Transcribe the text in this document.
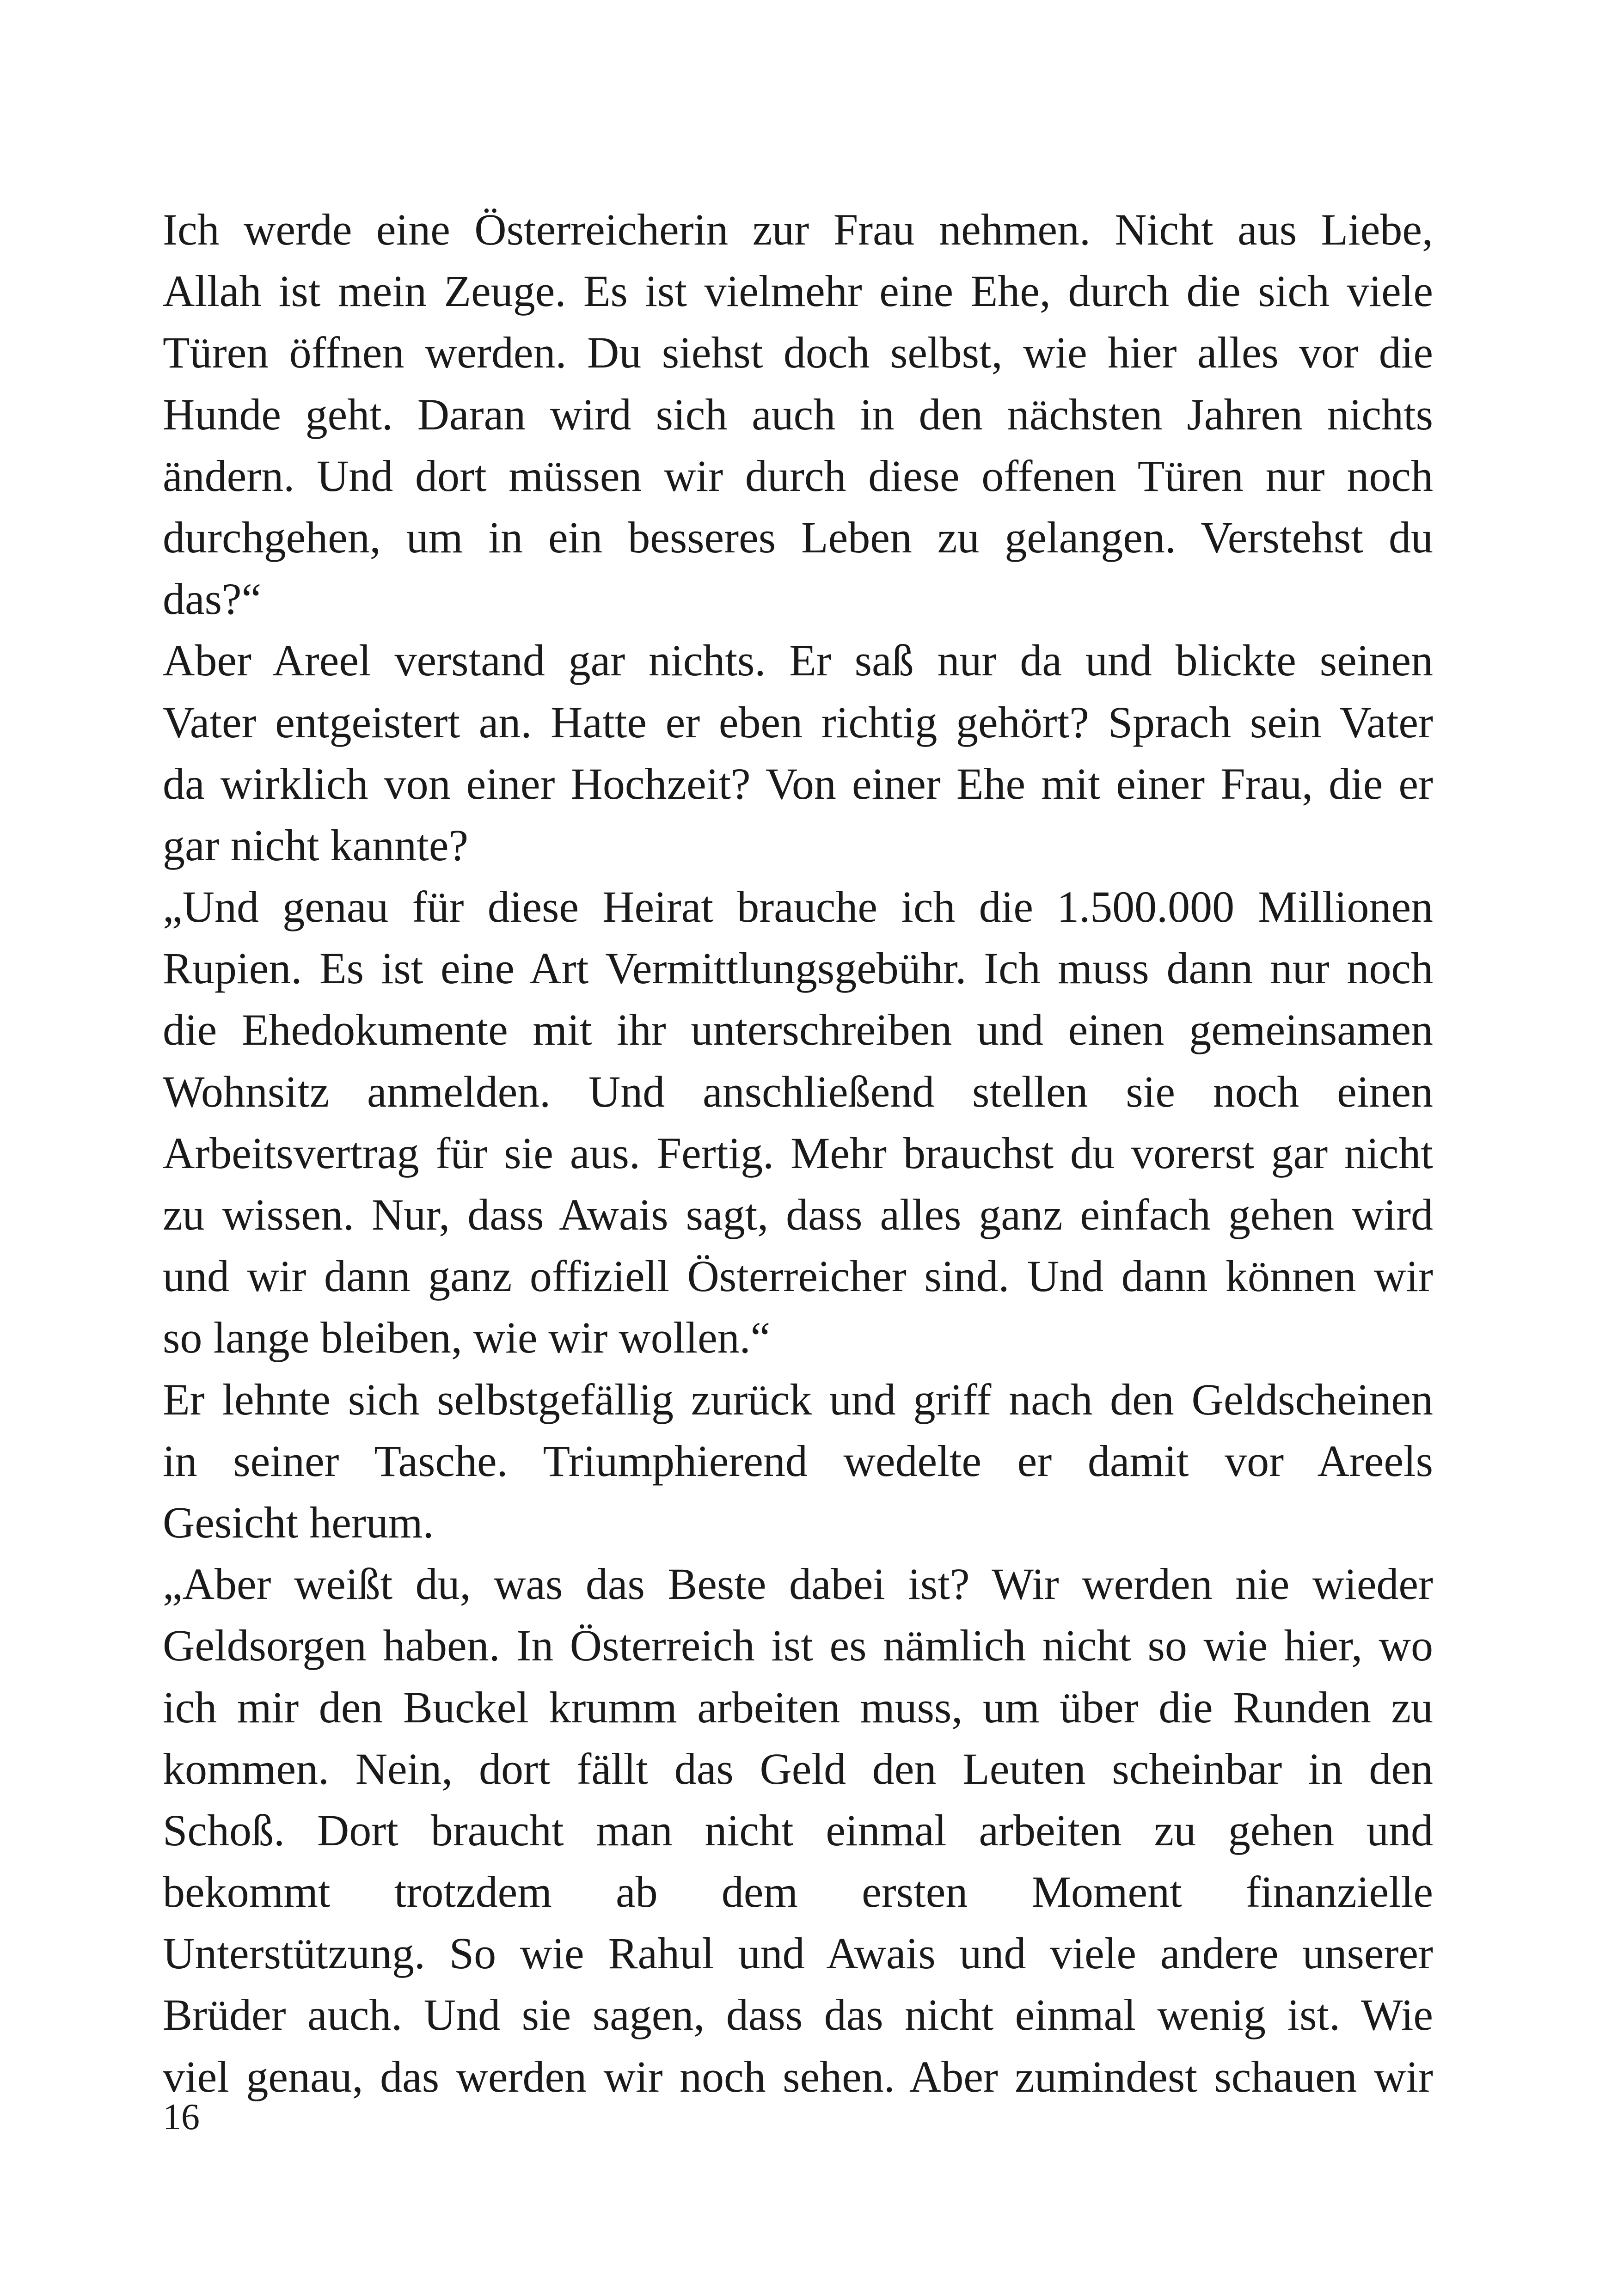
Ich werde eine Österreicherin zur Frau nehmen. Nicht aus Liebe,
Allah ist mein Zeuge. Es ist vielmehr eine Ehe, durch die sich viele
Türen öffnen werden. Du siehst doch selbst, wie hier alles vor die
Hunde geht. Daran wird sich auch in den nächsten Jahren nichts
ändern. Und dort müssen wir durch diese offenen Türen nur noch
durchgehen, um in ein besseres Leben zu gelangen. Verstehst du
das?“
Aber Areel verstand gar nichts. Er saß nur da und blickte seinen
Vater entgeistert an. Hatte er eben richtig gehört? Sprach sein Vater
da wirklich von einer Hochzeit? Von einer Ehe mit einer Frau, die er
gar nicht kannte?
„Und genau für diese Heirat brauche ich die 1.500.000 Millionen
Rupien. Es ist eine Art Vermittlungsgebühr. Ich muss dann nur noch
die Ehedokumente mit ihr unterschreiben und einen gemeinsamen
Wohnsitz anmelden. Und anschließend stellen sie noch einen
Arbeitsvertrag für sie aus. Fertig. Mehr brauchst du vorerst gar nicht
zu wissen. Nur, dass Awais sagt, dass alles ganz einfach gehen wird
und wir dann ganz offiziell Österreicher sind. Und dann können wir
so lange bleiben, wie wir wollen.“
Er lehnte sich selbstgefällig zurück und griff nach den Geldscheinen
in seiner Tasche. Triumphierend wedelte er damit vor Areels
Gesicht herum.
„Aber weißt du, was das Beste dabei ist? Wir werden nie wieder
Geldsorgen haben. In Österreich ist es nämlich nicht so wie hier, wo
ich mir den Buckel krumm arbeiten muss, um über die Runden zu
kommen. Nein, dort fällt das Geld den Leuten scheinbar in den
Schoß. Dort braucht man nicht einmal arbeiten zu gehen und
bekommt trotzdem ab dem ersten Moment finanzielle
Unterstützung. So wie Rahul und Awais und viele andere unserer
Brüder auch. Und sie sagen, dass das nicht einmal wenig ist. Wie
viel genau, das werden wir noch sehen. Aber zumindest schauen wir
16
